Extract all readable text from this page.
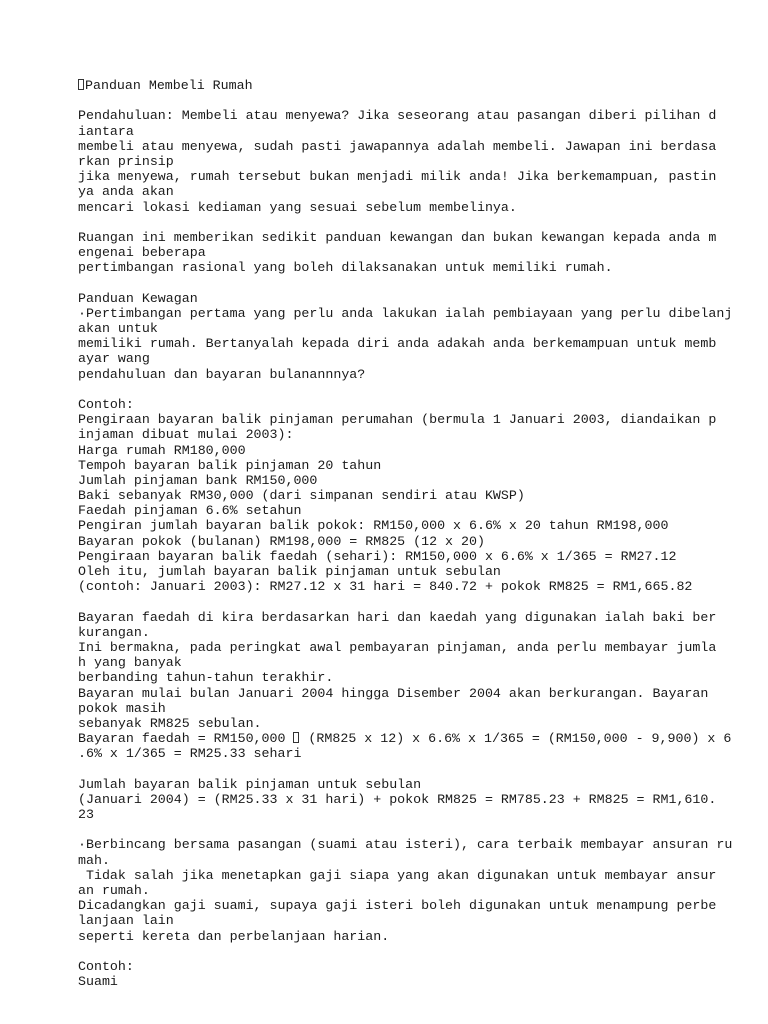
Panduan Membeli Rumah
Pendahuluan: Membeli atau menyewa? Jika seseorang atau pasangan diberi pilihan d
iantara
membeli atau menyewa, sudah pasti jawapannya adalah membeli. Jawapan ini berdasa
rkan prinsip
jika menyewa, rumah tersebut bukan menjadi milik anda! Jika berkemampuan, pastin
ya anda akan
mencari lokasi kediaman yang sesuai sebelum membelinya.
Ruangan ini memberikan sedikit panduan kewangan dan bukan kewangan kepada anda m
engenai beberapa
pertimbangan rasional yang boleh dilaksanakan untuk memiliki rumah.
Panduan Kewagan
·Pertimbangan pertama yang perlu anda lakukan ialah pembiayaan yang perlu dibelanj
akan untuk
memiliki rumah. Bertanyalah kepada diri anda adakah anda berkemampuan untuk memb
ayar wang
pendahuluan dan bayaran bulanannnya?
Contoh:
Pengiraan bayaran balik pinjaman perumahan (bermula 1 Januari 2003, diandaikan p
injaman dibuat mulai 2003):
Harga rumah RM180,000
Tempoh bayaran balik pinjaman 20 tahun
Jumlah pinjaman bank RM150,000
Baki sebanyak RM30,000 (dari simpanan sendiri atau KWSP)
Faedah pinjaman 6.6% setahun
Pengiran jumlah bayaran balik pokok: RM150,000 x 6.6% x 20 tahun RM198,000
Bayaran pokok (bulanan) RM198,000 = RM825 (12 x 20)
Pengiraan bayaran balik faedah (sehari): RM150,000 x 6.6% x 1/365 = RM27.12
Oleh itu, jumlah bayaran balik pinjaman untuk sebulan
(contoh: Januari 2003): RM27.12 x 31 hari = 840.72 + pokok RM825 = RM1,665.82
Bayaran faedah di kira berdasarkan hari dan kaedah yang digunakan ialah baki ber
kurangan.
Ini bermakna, pada peringkat awal pembayaran pinjaman, anda perlu membayar jumla
h yang banyak
berbanding tahun-tahun terakhir.
Bayaran mulai bulan Januari 2004 hingga Disember 2004 akan berkurangan. Bayaran
pokok masih
sebanyak RM825 sebulan.
Bayaran faedah = RM150,000  (RM825 x 12) x 6.6% x 1/365 = (RM150,000 - 9,900) x 6
.6% x 1/365 = RM25.33 sehari
Jumlah bayaran balik pinjaman untuk sebulan
(Januari 2004) = (RM25.33 x 31 hari) + pokok RM825 = RM785.23 + RM825 = RM1,610.
23
·Berbincang bersama pasangan (suami atau isteri), cara terbaik membayar ansuran ru
mah.
Tidak salah jika menetapkan gaji siapa yang akan digunakan untuk membayar ansur
an rumah.
Dicadangkan gaji suami, supaya gaji isteri boleh digunakan untuk menampung perbe
lanjaan lain
seperti kereta dan perbelanjaan harian.
Contoh:
Suami
